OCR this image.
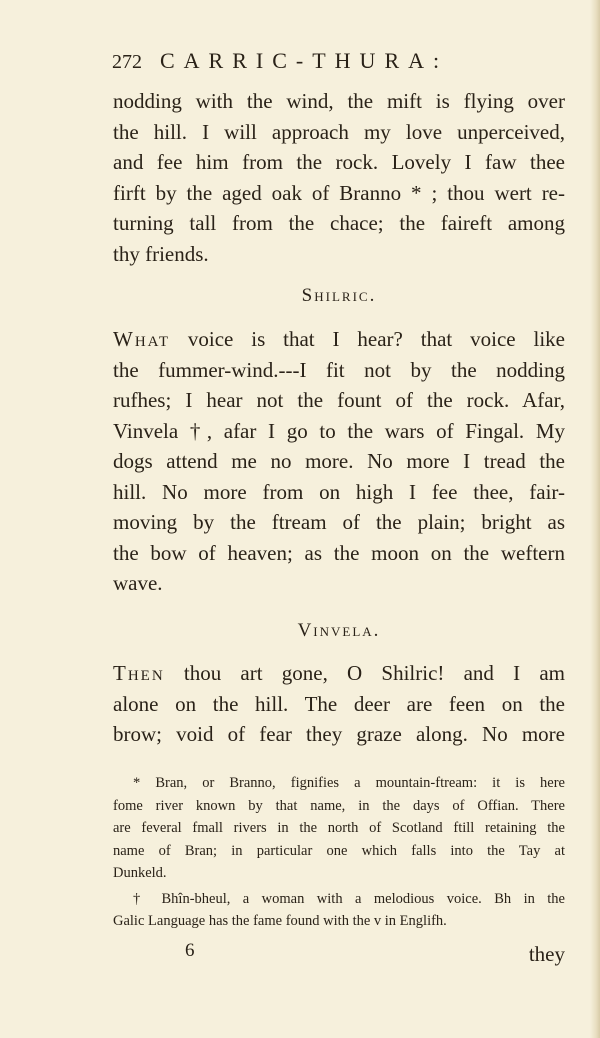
272 CARRIC-THURA:
nodding with the wind, the mift is flying over
the hill. I will approach my love unperceived,
and fee him from the rock. Lovely I faw thee
firft by the aged oak of Branno * ; thou wert re-
turning tall from the chace; the faireft among
thy friends.
Shilric.
What voice is that I hear? that voice like
the fummer-wind.---I fit not by the nodding
rufhes; I hear not the fount of the rock. Afar,
Vinvela †, afar I go to the wars of Fingal. My
dogs attend me no more. No more I tread the
hill. No more from on high I fee thee, fair-
moving by the ftream of the plain; bright as
the bow of heaven; as the moon on the weftern
wave.
Vinvela.
Then thou art gone, O Shilric! and I am
alone on the hill. The deer are feen on the
brow; void of fear they graze along. No more
* Bran, or Branno, fignifies a mountain-ftream: it is here
fome river known by that name, in the days of Offian. There
are feveral fmall rivers in the north of Scotland ftill retaining the
name of Bran; in particular one which falls into the Tay at
Dunkeld.
† Bhîn-bheul, a woman with a melodious voice. Bh in the
Galic Language has the fame found with the v in Englifh.
6	they
